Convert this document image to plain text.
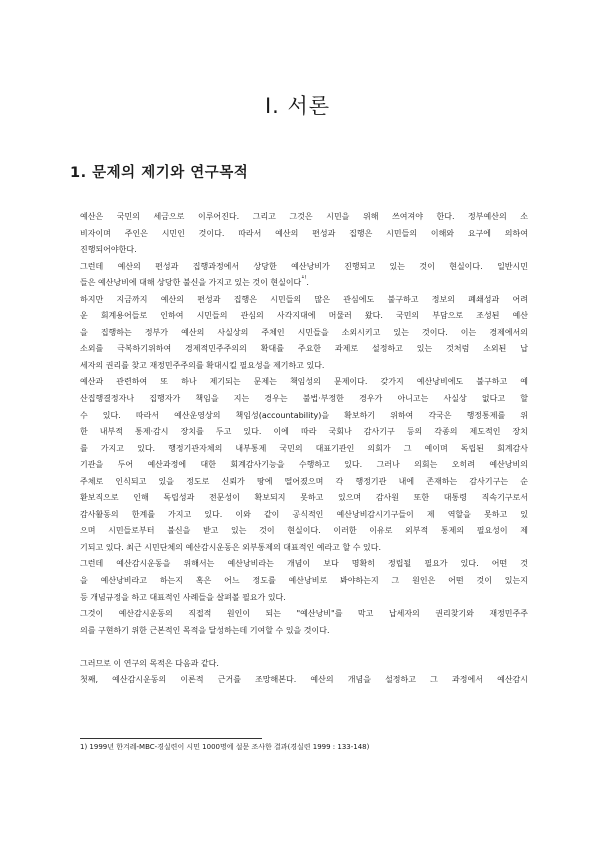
Ⅰ. 서론
1. 문제의 제기와 연구목적
예산은 국민의 세금으로 이루어진다. 그리고 그것은 시민을 위해 쓰여져야 한다. 정부예산의 소
비자이며 주인은 시민인 것이다. 따라서 예산의 편성과 집행은 시민들의 이해와 요구에 의하여
진행되어야한다.
그런데 예산의 편성과 집행과정에서 상당한 예산낭비가 진행되고 있는 것이 현실이다. 일반시민
들은 예산낭비에 대해 상당한 불신을 가지고 있는 것이 현실이다$^{1)}$.
하지만 지금까지 예산의 편성과 집행은 시민들의 많은 관심에도 불구하고 정보의 폐쇄성과 어려
운 회계용어들로 인하여 시민들의 관심의 사각지대에 머물러 왔다. 국민의 부담으로 조성된 예산
을 집행하는 정부가 예산의 사실상의 주체인 시민들을 소외시키고 있는 것이다. 이는 경제에서의
소외를 극복하기위하여 경제적민주주의의 확대를 주요한 과제로 설정하고 있는 것처럼 소외된 납
세자의 권리를 찾고 재정민주주의를 확대시킬 필요성을 제기하고 있다.
예산과 관련하여 또 하나 제기되는 문제는 책임성의 문제이다. 갖가지 예산낭비에도 불구하고 예
산집행결정자나 집행자가 책임을 지는 경우는 불법·부정한 경우가 아니고는 사실상 없다고 할
수 있다. 따라서 예산운영상의 책임성(accountability)을 확보하기 위하여 각국은 행정통제를 위
한 내부적 통제·감시 장치를 두고 있다. 이에 따라 국회나 감사기구 등의 각종의 제도적인 장치
를 가지고 있다. 행정기관자체의 내부통제 국민의 대표기관인 의회가 그 예이며 독립된 회계감사
기관을 두어 예산과정에 대한 회계감사기능을 수행하고 있다. 그러나 의회는 오히려 예산낭비의
주체로 인식되고 있을 정도로 신뢰가 땅에 떨어졌으며 각 행정기관 내에 존재하는 감사기구는 순
환보직으로 인해 독립성과 전문성이 확보되지 못하고 있으며 감사원 또한 대통령 직속기구로서
감사활동의 한계를 가지고 있다. 이와 같이 공식적인 예산낭비감시기구들이 제 역할을 못하고 있
으며 시민들로부터 불신을 받고 있는 것이 현실이다. 이러한 이유로 외부적 통제의 필요성이 제
기되고 있다. 최근 시민단체의 예산감시운동은 외부통제의 대표적인 예라고 할 수 있다.
그런데 예산감시운동을 위해서는 예산낭비라는 개념이 보다 명확히 정립될 필요가 있다. 어떤 것
을 예산낭비라고 하는지 혹은 어느 정도를 예산낭비로 봐야하는지 그 원인은 어떤 것이 있는지
등 개념규정을 하고 대표적인 사례들을 살펴볼 필요가 있다.
그것이 예산감시운동의 직접적 원인이 되는 "예산낭비"를 막고 납세자의 권리찾기와 재정민주주
의를 구현하기 위한 근본적인 목적을 달성하는데 기여할 수 있을 것이다.
그러므로 이 연구의 목적은 다음과 같다.
첫째, 예산감시운동의 이론적 근거를 조망해본다. 예산의 개념을 설정하고 그 과정에서 예산감시
1) 1999년 한겨레-MBC-경실련이 시민 1000명에 설문 조사한 결과(경실련 1999 : 133-148)
